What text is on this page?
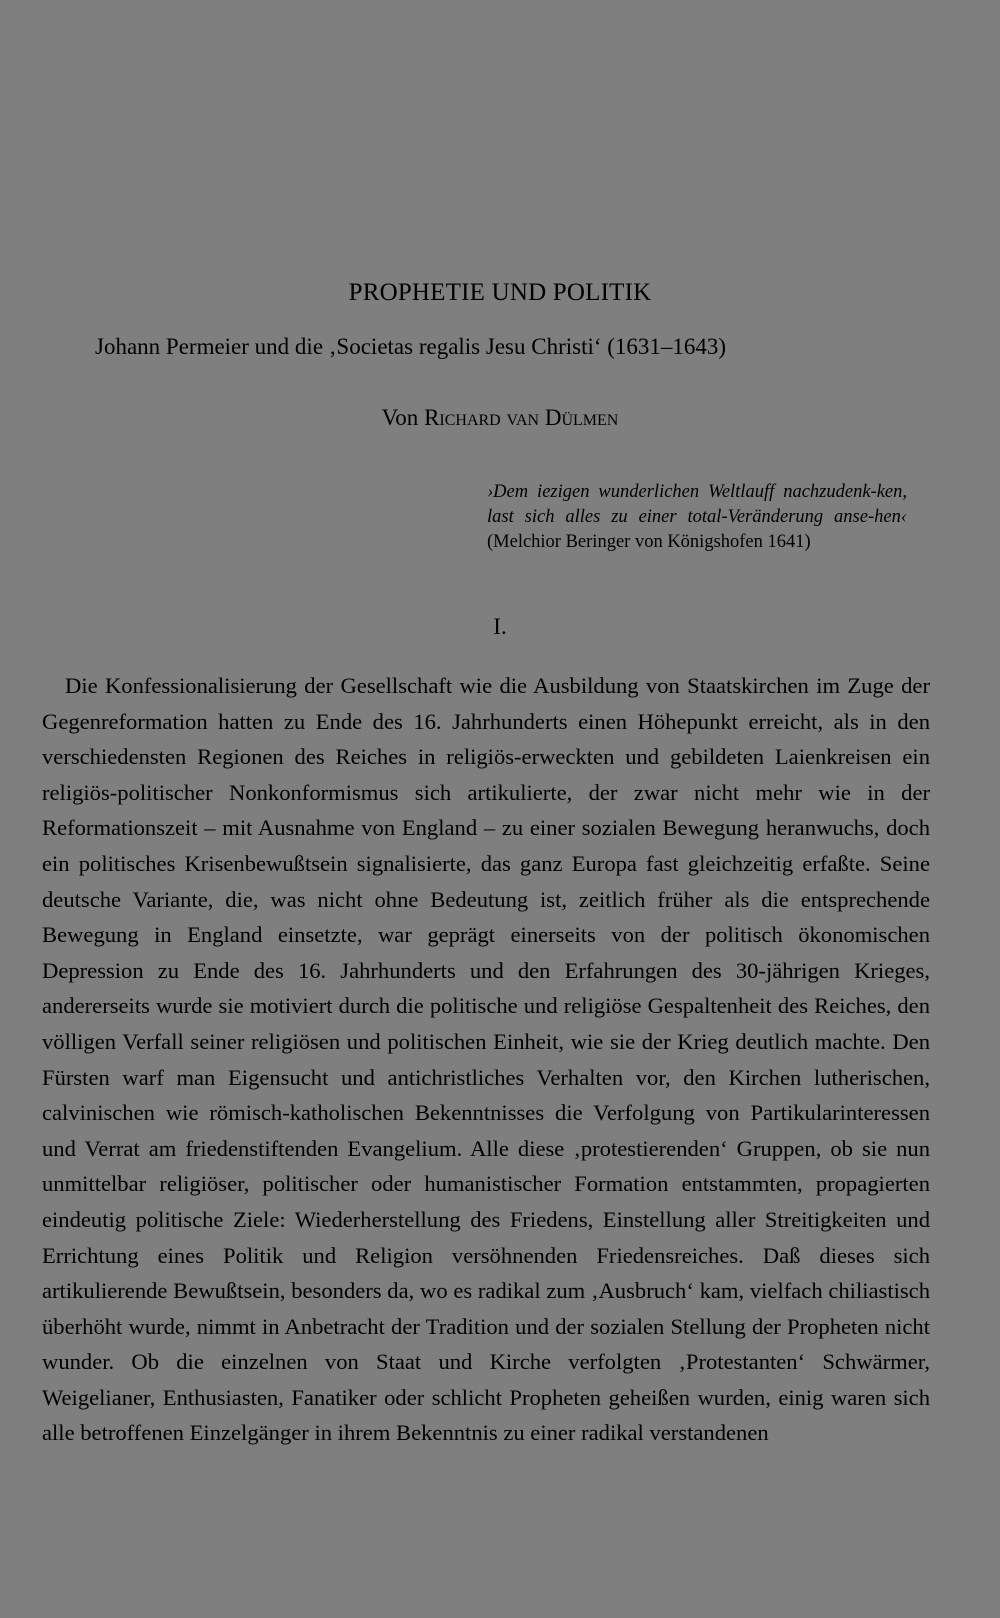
PROPHETIE UND POLITIK

Johann Permeier und die ‚Societas regalis Jesu Christi‘ (1631–1643)

Von Richard van Dülmen

›Dem iezigen wunderlichen Weltlauff nachzudenk-ken, last sich alles zu einer total-Veränderung anse-hen‹ (Melchior Beringer von Königshofen 1641)

I.

Die Konfessionalisierung der Gesellschaft wie die Ausbildung von Staatskirchen im Zuge der Gegenreformation hatten zu Ende des 16. Jahrhunderts einen Höhepunkt erreicht, als in den verschiedensten Regionen des Reiches in religiös-erweckten und gebildeten Laienkreisen ein religiös-politischer Nonkonformismus sich artikulierte, der zwar nicht mehr wie in der Reformationszeit – mit Ausnahme von England – zu einer sozialen Bewegung heranwuchs, doch ein politisches Krisenbewußtsein signalisierte, das ganz Europa fast gleichzeitig erfaßte. Seine deutsche Variante, die, was nicht ohne Bedeutung ist, zeitlich früher als die entsprechende Bewegung in England einsetzte, war geprägt einerseits von der politisch ökonomischen Depression zu Ende des 16. Jahrhunderts und den Erfahrungen des 30-jährigen Krieges, andererseits wurde sie motiviert durch die politische und religiöse Gespaltenheit des Reiches, den völligen Verfall seiner religiösen und politischen Einheit, wie sie der Krieg deutlich machte. Den Fürsten warf man Eigensucht und antichristliches Verhalten vor, den Kirchen lutherischen, calvinischen wie römisch-katholischen Bekenntnisses die Verfolgung von Partikularinteressen und Verrat am friedenstiftenden Evangelium. Alle diese ‚protestierenden‘ Gruppen, ob sie nun unmittelbar religiöser, politischer oder humanistischer Formation entstammten, propagierten eindeutig politische Ziele: Wiederherstellung des Friedens, Einstellung aller Streitigkeiten und Errichtung eines Politik und Religion versöhnenden Friedensreiches. Daß dieses sich artikulierende Bewußtsein, besonders da, wo es radikal zum ‚Ausbruch‘ kam, vielfach chiliastisch überhöht wurde, nimmt in Anbetracht der Tradition und der sozialen Stellung der Propheten nicht wunder. Ob die einzelnen von Staat und Kirche verfolgten ‚Protestanten‘ Schwärmer, Weigelianer, Enthusiasten, Fanatiker oder schlicht Propheten geheißen wurden, einig waren sich alle betroffenen Einzelgänger in ihrem Bekenntnis zu einer radikal verstandenen
